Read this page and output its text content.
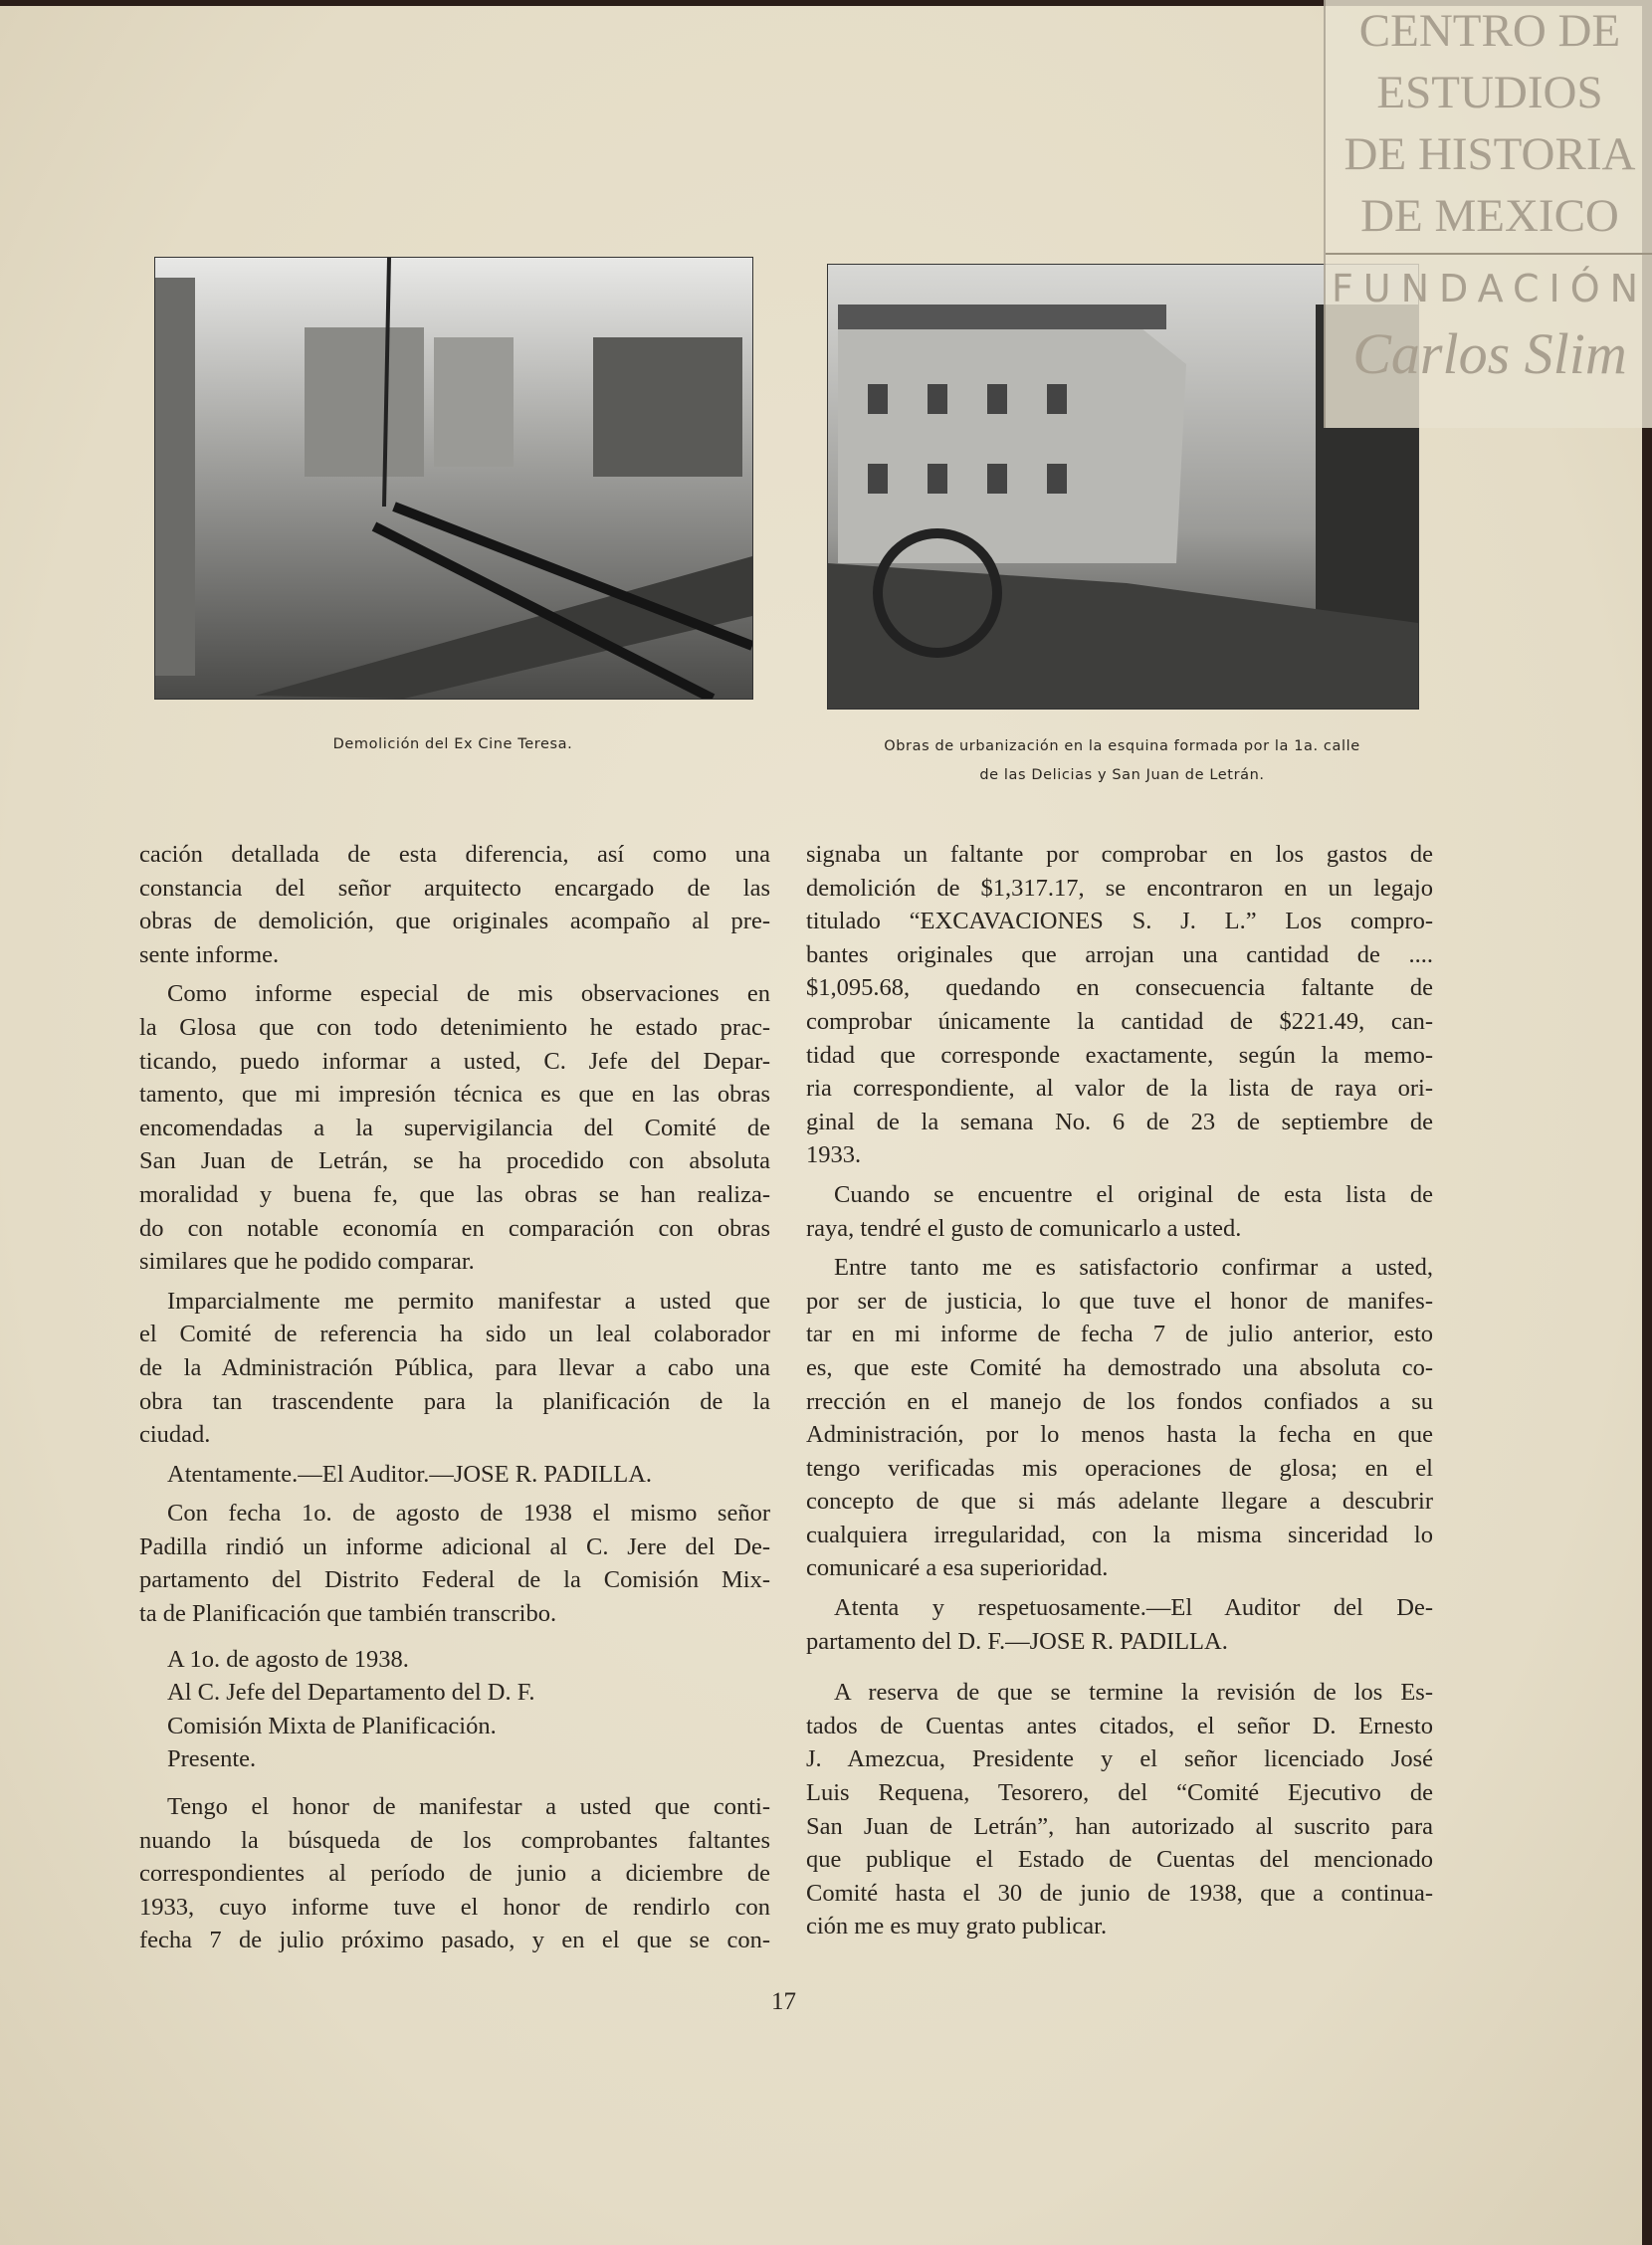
Demolición del Ex Cine Teresa.	Obras de urbanización en la esquina formada por la 1a. calle
de las Delicias y San Juan de Letrán.
cación detallada de esta diferencia, así como una
constancia del señor arquitecto encargado de las
obras de demolición, que originales acompaño al pre-
sente informe.
Como informe especial de mis observaciones en
la Glosa que con todo detenimiento he estado prac-
ticando, puedo informar a usted, C. Jefe del Depar-
tamento, que mi impresión técnica es que en las obras
encomendadas a la supervigilancia del Comité de
San Juan de Letrán, se ha procedido con absoluta
moralidad y buena fe, que las obras se han realiza-
do con notable economía en comparación con obras
similares que he podido comparar.
Imparcialmente me permito manifestar a usted que
el Comité de referencia ha sido un leal colaborador
de la Administración Pública, para llevar a cabo una
obra tan trascendente para la planificación de la
ciudad.
Atentamente.—El Auditor.—JOSE R. PADILLA.
Con fecha 1o. de agosto de 1938 el mismo señor
Padilla rindió un informe adicional al C. Jere del De-
partamento del Distrito Federal de la Comisión Mix-
ta de Planificación que también transcribo.
A 1o. de agosto de 1938.
Al C. Jefe del Departamento del D. F.
Comisión Mixta de Planificación.
Presente.
Tengo el honor de manifestar a usted que conti-
nuando la búsqueda de los comprobantes faltantes
correspondientes al período de junio a diciembre de
1933, cuyo informe tuve el honor de rendirlo con
fecha 7 de julio próximo pasado, y en el que se con-
signaba un faltante por comprobar en los gastos de
demolición de $1,317.17, se encontraron en un legajo
titulado “EXCAVACIONES S. J. L.” Los compro-
bantes originales que arrojan una cantidad de ....
$1,095.68, quedando en consecuencia faltante de
comprobar únicamente la cantidad de $221.49, can-
tidad que corresponde exactamente, según la memo-
ria correspondiente, al valor de la lista de raya ori-
ginal de la semana No. 6 de 23 de septiembre de
1933.
Cuando se encuentre el original de esta lista de
raya, tendré el gusto de comunicarlo a usted.
Entre tanto me es satisfactorio confirmar a usted,
por ser de justicia, lo que tuve el honor de manifes-
tar en mi informe de fecha 7 de julio anterior, esto
es, que este Comité ha demostrado una absoluta co-
rrección en el manejo de los fondos confiados a su
Administración, por lo menos hasta la fecha en que
tengo verificadas mis operaciones de glosa; en el
concepto de que si más adelante llegare a descubrir
cualquiera irregularidad, con la misma sinceridad lo
comunicaré a esa superioridad.
Atenta y respetuosamente.—El Auditor del De-
partamento del D. F.—JOSE R. PADILLA.
A reserva de que se termine la revisión de los Es-
tados de Cuentas antes citados, el señor D. Ernesto
J. Amezcua, Presidente y el señor licenciado José
Luis Requena, Tesorero, del “Comité Ejecutivo de
San Juan de Letrán”, han autorizado al suscrito para
que publique el Estado de Cuentas del mencionado
Comité hasta el 30 de junio de 1938, que a continua-
ción me es muy grato publicar.
17
CENTRO DE
ESTUDIOS
DE HISTORIA
DE MEXICO
FUNDACIÓN
Carlos Slim
